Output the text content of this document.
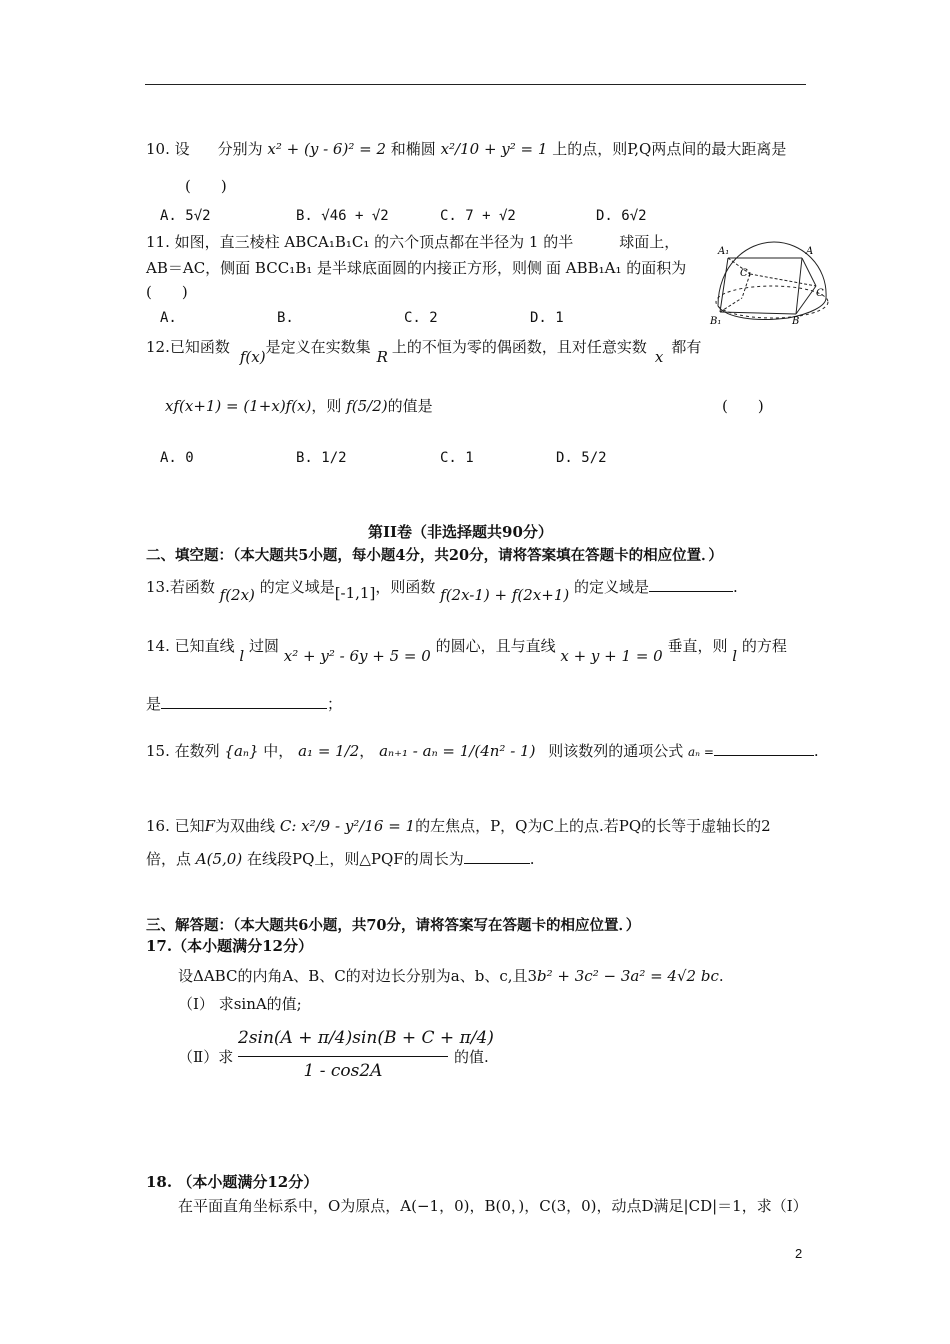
10. 设 分别为 x² + (y - 6)² = 2 和椭圆 x²/10 + y² = 1 上的点，则P,Q两点间的最大距离是
(　　)
A. 5√2	B. √46 + √2	C. 7 + √2	D. 6√2
11. 如图，直三棱柱 ABCA₁B₁C₁ 的六个顶点都在半径为 1 的半	球面上，
AB＝AC，侧面 BCC₁B₁ 是半球底面圆的内接正方形，则侧 面 ABB₁A₁ 的面积为
(　　)
A.	B.	C. 2	D. 1
A₁	A
C₁
C
B₁	B
12.已知函数f(x)是定义在实数集R上的不恒为零的偶函数，且对任意实数x都有
xf(x+1) = (1+x)f(x)，则 f(5/2)的值是	(　　)
A. 0	B. 1/2	C. 1	D. 5/2
第II卷（非选择题共90分）
二、填空题：（本大题共5小题，每小题4分，共20分，请将答案填在答题卡的相应位置．）
13.若函数 f(2x) 的定义域是[-1,1]，则函数 f(2x-1) + f(2x+1) 的定义域是	.
14. 已知直线 l 过圆 x² + y² - 6y + 5 = 0 的圆心，且与直线 x + y + 1 = 0 垂直，则 l 的方程
是	；
15. 在数列 {aₙ} 中， a₁ = 1/2， aₙ₊₁ - aₙ = 1/(4n² - 1) 则该数列的通项公式 aₙ =	.
16. 已知F为双曲线 C: x²/9 - y²/16 = 1的左焦点，P，Q为C上的点.若PQ的长等于虚轴长的2
倍，点 A(5,0) 在线段PQ上，则△PQF的周长为	.
三、解答题：（本大题共6小题，共70分，请将答案写在答题卡的相应位置．）
17.（本小题满分12分）
设ΔABC的内角A、B、C的对边长分别为a、b、c,且3b² + 3c² − 3a² = 4√2 bc.
（Ⅰ） 求sinA的值;
（Ⅱ）求
2sin(A + π/4)sin(B + C + π/4)
1 - cos2A
的值.
18. （本小题满分12分）
在平面直角坐标系中，O为原点，A(−1，0)，B(0，)，C(3，0)，动点D满足|CD|＝1，求（Ⅰ）
2
